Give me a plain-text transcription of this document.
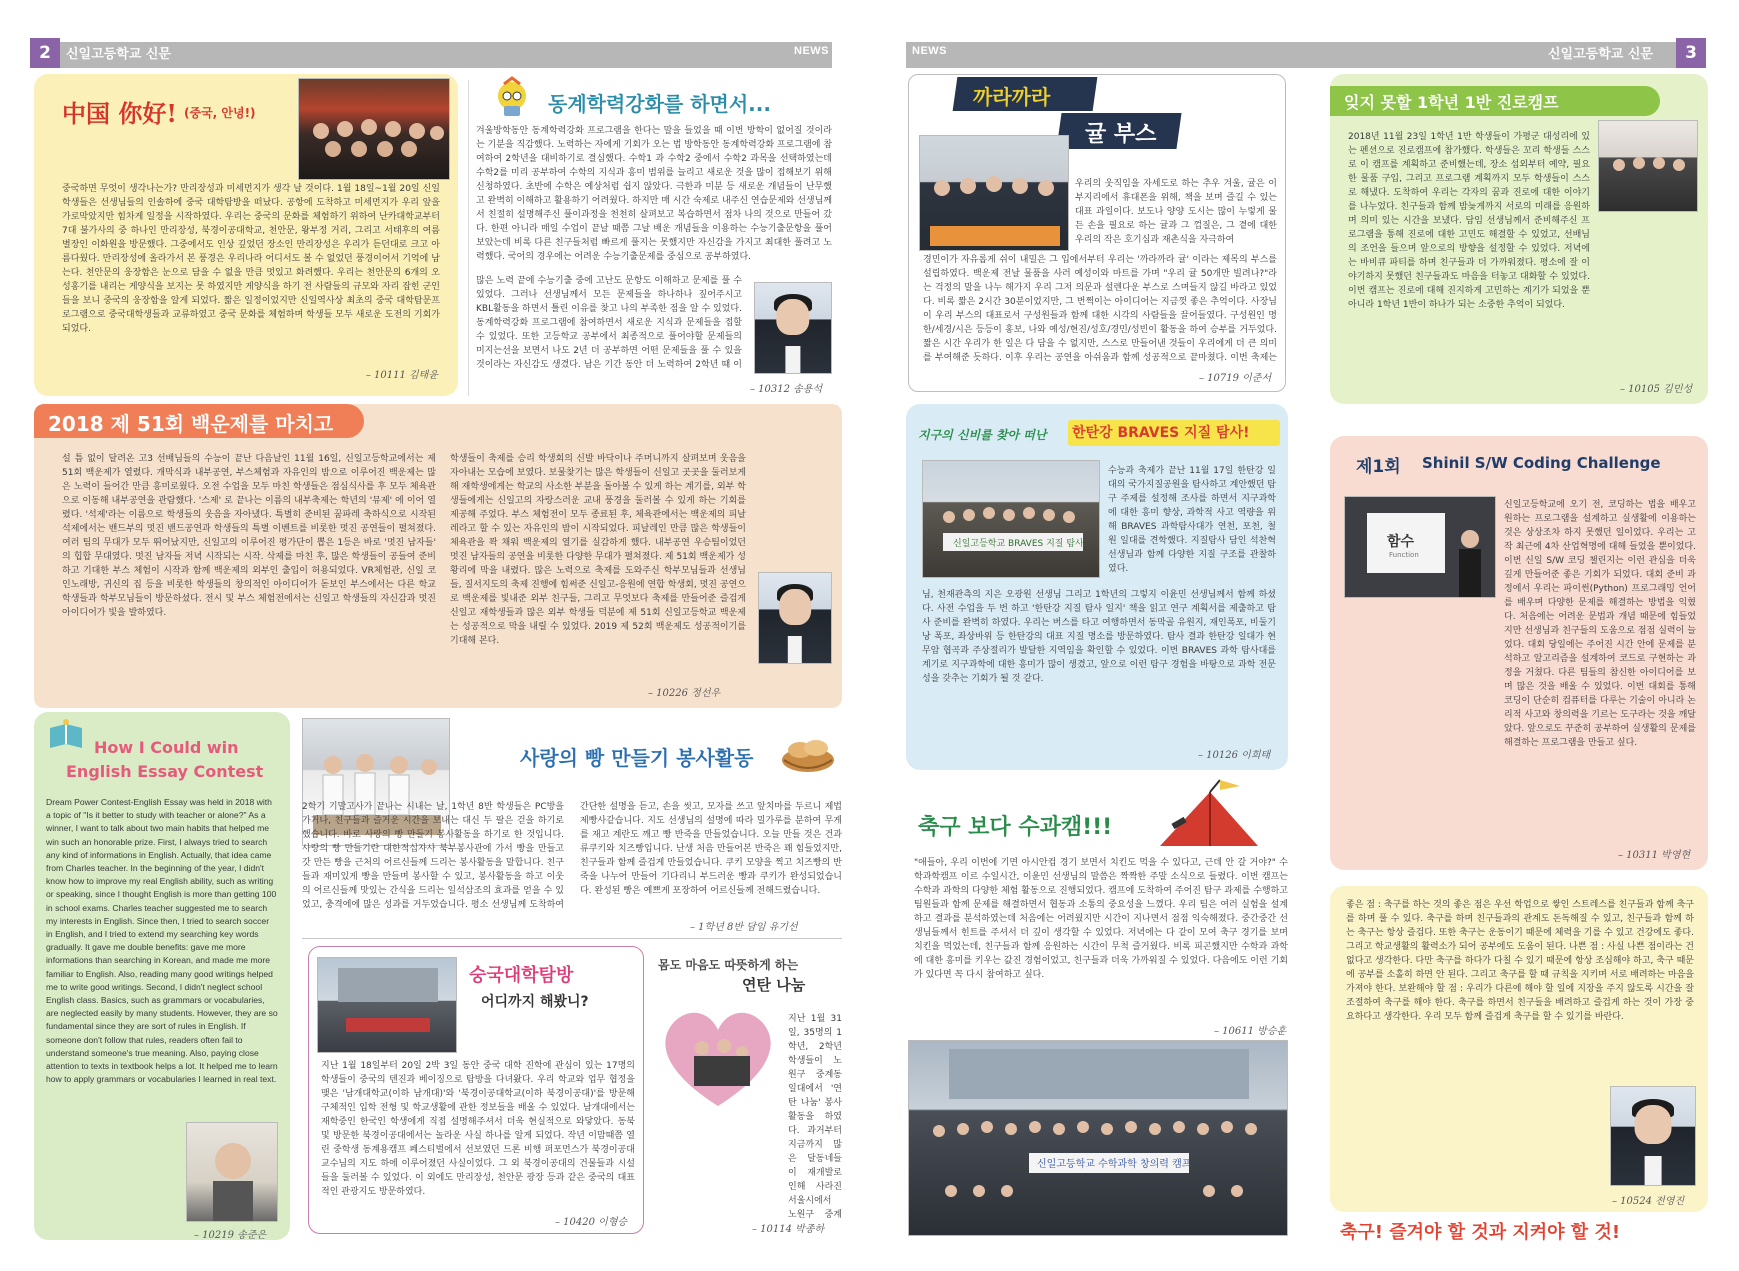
2	신일고등학교 신문	NEWS	3
신일고등학교 신문
NEWS
中国 你好! (중국, 안녕!)
중국하면 무엇이 생각나는가? 만리장성과 미세먼지가 생각 날 것이다. 1월 18일~1월 20일 신일 학생들은 선생님들의 인솔하에 중국 대학탐방을 떠났다. 공항에 도착하고 미세먼지가 우리 앞을 가로막았지만 힘차게 일정을 시작하였다. 우리는 중국의 문화를 체험하기 위하여 난카대학교부터 7대 불가사의 중 하나인 만리장성, 북경이공대학교, 천안문, 왕부정 거리, 그리고 서태후의 여름별장인 이화원을 방문했다. 그중에서도 인상 깊었던 장소인 만리장성은 우리가 듣던대로 크고 아름다웠다. 만리장성에 올라가서 본 풍경은 우리나라 어디서도 볼 수 없었던 풍경이어서 기억에 남는다. 천안문의 웅장함은 눈으로 담을 수 없을 만큼 멋있고 화려했다. 우리는 천안문의 6개의 오성홍기를 내리는 게양식을 보지는 못 하였지만 게양식을 하기 전 사람들의 규모와 자리 잡힌 군인들을 보니 중국의 웅장함을 알게 되었다. 짧은 일정이었지만 신일역사상 최초의 중국 대학탐문프로그램으로 중국대학생들과 교류하였고 중국 문화를 체험하며 학생들 모두 새로운 도전의 기회가 되었다.
– 10111 김태윤
동계학력강화를 하면서...
겨울방학동안 동계학력강화 프로그램을 한다는 말을 들었을 때 이번 방학이 없어질 것이라는 기분을 직감했다. 노력하는 자에게 기회가 오는 법 방학동안 동계학력강화 프로그램에 참여하여 2학년을 대비하기로 결심했다. 수학1 과 수학2 중에서 수학2 과목을 선택하였는데 수학2를 미리 공부하여 수학의 지식과 흥미 범위를 늘리고 새로운 것을 많이 접해보기 위해 신청하였다. 초반에 수학은 예상처럼 쉽지 않았다. 극한과 미분 등 새로운 개념들이 난무했고 완벽히 이해하고 활용하기 어려웠다. 하지만 매 시간 숙제로 내주신 연습문제와 선생님께서 친절히 설명해주신 풀이과정을 천천히 살펴보고 복습하면서 점차 나의 것으로 만들어 갔다. 한편 아니라 매일 수업이 끝날 때쯤 그날 배운 개념들을 이용하는 수능기출문항을 풀어보았는데 비록 다른 친구들처럼 빠르게 풀지는 못했지만 자신감을 가지고 최대한 풀려고 노력했다. 국어의 경우에는 어려운 수능기출문제를 중심으로 공부하였다.
많은 노력 끝에 수능기출 중에 고난도 문항도 이해하고 문제를 풀 수 있었다. 그러나 선생님께서 모든 문제들을 하나하나 짚어주시고 KBL활동을 하면서 틀린 이유를 찾고 나의 부족한 점을 알 수 있었다. 동계학력강화 프로그램에 참여하면서 새로운 지식과 문제들을 접할 수 있었다. 또한 고등학교 공부에서 최종적으로 풀어야할 문제들의 미지는선을 보면서 나도 2년 더 공부하면 어떤 문제들을 풀 수 있을 것이라는 자신감도 생겼다. 남은 기간 동안 더 노력하여 2학년 때 이
– 10312 송용석
2018 제 51회 백운제를 마치고
설 틈 없이 달려온 고3 선배님들의 수능이 끝난 다음날인 11월 16일, 신일고등학교에서는 제 51회 백운제가 열렸다. 개막식과 내부공연, 부스체험과 자유인의 밤으로 이루어진 백운제는 많은 노력이 들어간 만큼 흥미로웠다. 오전 수업을 모두 마친 학생들은 점심식사를 후 모두 체육관으로 이동해 내부공연을 관람했다. '스제' 로 끝나는 이름의 내부축제는 학년의 '뮤제' 에 이어 열렸다. '석제'라는 이름으로 학생들의 웃음을 자아냈다. 특별히 준비된 꿈파레 축하식으로 시작된 석제에서는 밴드부의 멋진 밴드공연과 학생들의 특별 이벤트를 비롯한 멋진 공연들이 펼쳐졌다. 여러 팀의 무대가 모두 뛰어났지만, 신일고의 이루어진 평가단이 뽑은 1등은 바로 '멋진 남자들' 의 힙합 무대였다. 멋진 남자들 저녁 시작되는 시작. 삭제를 마친 후, 많은 학생들이 공들여 준비하고 기대한 부스 체험이 시작과 함께 백운제의 외부인 출입이 허용되었다. VR체험관, 신일 코인노래방, 귀신의 집 등을 비롯한 학생들의 창의적인 아이디어가 돋보인 부스에서는 다른 학교 학생들과 학부모님들이 방문하셨다. 전시 및 부스 체험전에서는 신일고 학생들의 자신감과 멋진 아이디어가 빛을 발하였다.
학생들이 축제를 승리 학생회의 신발 바닥이나 주머니까지 살펴보며 웃음을 자아내는 모습에 보였다. 보물찾기는 많은 학생들이 신일고 곳곳을 둘러보게 해 재학생에게는 학교의 사소한 부분을 돌아볼 수 있게 하는 계기를, 외부 학생들에게는 신일고의 자랑스러운 교내 풍경을 둘러볼 수 있게 하는 기회를 제공해 주었다. 부스 체험전이 모두 종료된 후, 체육관에서는 백운제의 피날레라고 할 수 있는 자유인의 밤이 시작되었다. 피날레인 만큼 많은 학생들이 체육관을 꽉 채워 백운제의 열기를 실감하게 했다. 내부공연 우승팀이었던 멋진 남자들의 공연을 비롯한 다양한 무대가 펼쳐졌다. 제 51회 백운제가 성황리에 막을 내렸다. 많은 노력으로 축제를 도와주신 학부모님들과 선생님들, 질서지도의 축제 진행에 힘써준 신일고-응원에 연합 학생회, 멋진 공연으로 백운제를 빛내준 외부 친구들, 그리고 무엇보다 축제를 만들어준 즐겁게 신일고 재학생들과 많은 외부 학생들 덕분에 제 51회 신일고등학교 백운제는 성공적으로 막을 내릴 수 있었다. 2019 제 52회 백운제도 성공적이기를 기대해 본다.
– 10226 정선우
How I Could win
English Essay Contest
Dream Power Contest-English Essay was held in 2018 with a topic of "Is it better to study with teacher or alone?" As a winner, I want to talk about two main habits that helped me win such an honorable prize. First, I always tried to search any kind of informations in English. Actually, that idea came from Charles teacher. In the beginning of the year, I didn't know how to improve my real English ability, such as writing or speaking, since I thought English is more than getting 100 in school exams. Charles teacher suggested me to search my interests in English. Since then, I tried to search soccer in English, and I tried to extend my searching key words gradually. It gave me double benefits: gave me more informations than searching in Korean, and made me more familiar to English. Also, reading many good writings helped me to write good writings. Second, I didn't neglect school English class. Basics, such as grammars or vocabularies, are neglected easily by many students. However, they are so fundamental since they are sort of rules in English. If someone don't follow that rules, readers often fail to understand someone's true meaning. Also, paying close attention to texts in textbook helps a lot. It helped me to learn how to apply grammars or vocabularies I learned in real text.
– 10219 송준은
사랑의 빵 만들기 봉사활동
2학기 기말고사가 끝나는 시내는 날, 1학년 8반 학생들은 PC방을 가거나, 친구들과 즐거운 시간을 보내는 대신 두 팔은 걷을 하기로 했습니다. 바로 사랑의 빵 만들기 봉사활동을 하기로 한 것입니다. 사랑의 빵 만들기란 대한적십자사 북부봉사관에 가서 빵을 만들고 갓 만든 빵을 근처의 어르신들께 드리는 봉사활동을 말합니다. 친구들과 재미있게 빵을 만들며 봉사할 수 있고, 봉사활동을 하고 이웃의 어르신들께 맛있는 간식을 드리는 일석삼조의 효과를 얻을 수 있었고, 충격에에 많은 성과를 거두었습니다. 평소 선생님께 도착하여 간단한 설명을 듣고, 손을 씻고, 모자를 쓰고 앞치마를 두르니 제법 제빵사같습니다. 지도 선생님의 설명에 따라 밀가루를 분하여 무게를 재고 계란도 깨고 빵 반죽을 만들었습니다. 오늘 만들 것은 건과류쿠키와 치즈빵입니다. 난생 처음 만들어본 반죽은 꽤 힘들었지만, 친구들과 함께 즐겁게 만들었습니다. 쿠키 모양을 찍고 치즈빵의 반죽을 나누어 만들어 기다리니 부드러운 빵과 쿠키가 완성되었습니다. 완성된 빵은 예쁘게 포장하여 어르신들께 전해드렸습니다.
– 1학년 8반 담임 유기선
숭국대학탐방
어디까지 해봤니?
지난 1월 18일부터 20일 2박 3일 동안 중국 대학 진학에 관심이 있는 17명의 학생들이 중국의 텐진과 베이징으로 탐방을 다녀왔다. 우리 학교와 업무 협정을 맺은 '남개대학교(이하 남개대)'와 '북경이공대학교(이하 북경이공대)'를 방문해 구체적인 입학 전형 및 학교생활에 관한 정보들을 배울 수 있었다. 남개대에서는 재학중인 한국인 학생에게 직접 설명해주셔서 더욱 현실적으로 와닿았다. 동북 및 방문한 북경이공대에서는 놀라운 사실 하나를 알게 되었다. 작년 이맘때쯤 열린 중학생 동계용캠프 페스티벌에서 선보였던 드론 비행 퍼포먼스가 북경이공대 교수님의 지도 하에 이루어졌던 사실이었다. 그 외 북경이공대의 건물들과 시설들을 둘러볼 수 있었다. 이 외에도 만리장성, 천안문 광장 등과 같은 중국의 대표적인 관광지도 방문하였다.
– 10420 이형승
몸도 마음도 따뜻하게 하는
연탄 나눔
지난 1월 31일, 35명의 1학년, 2학년 학생들이 노원구 중계동 일대에서 '연탄 나눔' 봉사활동을 하였다. 과거부터 지금까지 많은 달동네들이 재개발로 인해 사라진 서울시에서 노원구 중계
– 10114 박종하
까라까라
귤 부스
우리의 웃직임을 자세도로 하는 추우 겨울, 귤은 이부지리에서 휴대폰을 위해, 책을 보며 즐길 수 있는 대표 과일이다. 보도나 양양 도시는 많이 누렇게 물든 손을 필요로 하는 귤과 그 껍질은, 그 곁에 대한 우리의 작은 호기심과 재촌식을 자극하여
경민이가 자유롭게 쉬이 내밀은 그 입에서부터 우리는 '까라까라 귤' 이라는 제목의 부스를 설립하였다. 백운제 전날 물품을 사러 예성이와 마트를 가며 "우리 귤 50개만 빌려나?"라는 걱정의 말을 나누 해가지 우리 그저 의문과 설렌다운 부스로 스며들지 않길 바라고 있었다. 비록 짧은 2시간 30분이었지만, 그 번쩍이는 아이디어는 지금껏 좋은 추억이다. 사장님이 우리 부스의 대표로서 구성원들과 함께 대한 시각의 사람들을 끌어들였다. 구성원인 명한/세경/시은 등등이 홍보, 나와 예성/현진/성호/경민/성빈이 활동을 하여 승부를 거두었다. 짧은 시간 우리가 한 일은 다 담을 수 없지만, 스스로 만들어낸 것들이 우리에게 더 큰 의미를 부여해준 듯하다. 이후 우리는 공연을 아쉬움과 함께 성공적으로 끝마쳤다. 이번 축제는
– 10719 이준서
지구의 신비를 찾아 떠난 한탄강 BRAVES 지질 탐사!
신일고등학교 BRAVES 지질 탐사
수능과 축제가 끝난 11월 17일 한탄강 일대의 국가지질공원을 탐사하고 계안했던 탐구 주제를 설정해 조사를 하면서 지구과학에 대한 흥미 향상, 과학적 사고 역량을 위해 BRAVES 과학탐사대가 연천, 포천, 철원 일대를 견학했다. 지질탐사 담인 석찬혁 선생님과 함께 다양한 지질 구조를 관찰하였다.
님, 천재관측의 지은 오광원 선생님 그리고 1학년의 그렇지 이윤민 선생님께서 함께 하셨다. 사전 수업을 두 번 하고 '한탄강 지질 탐사 일지' 책을 읽고 연구 계획서를 제출하고 탐사 준비를 완벽히 하였다. 우리는 버스를 타고 여행하면서 동막골 유원지, 재인폭포, 비둘기낭 폭포, 좌상바위 등 한탄강의 대표 지질 명소를 방문하였다. 탐사 결과 한탄강 일대가 현무암 협곡과 주상절리가 발달한 지역임을 확인할 수 있었다. 이번 BRAVES 과학 탐사대를 계기로 지구과학에 대한 흥미가 많이 생겼고, 앞으로 이런 탐구 경험을 바탕으로 과학 전문성을 갖추는 기회가 될 것 같다.
– 10126 이희태
축구 보다 수과캠!!!
"애들아, 우리 이번에 기면 아시안컵 경기 보면서 치킨도 먹을 수 있다고, 근데 안 갈 거야?" 수학과학캠프 이르 수일시간, 이윤민 선생님의 말씀은 짝짝한 주말 소식으로 들렸다. 이번 캠프는 수학과 과학의 다양한 체험 활동으로 진행되었다. 캠프에 도착하여 주어진 탐구 과제를 수행하고 팀원들과 함께 문제를 해결하면서 협동과 소통의 중요성을 느꼈다. 우리 팀은 여러 실험을 설계하고 결과를 분석하였는데 처음에는 어려웠지만 시간이 지나면서 점점 익숙해졌다. 중간중간 선생님들께서 힌트를 주셔서 더 깊이 생각할 수 있었다. 저녁에는 다 같이 모여 축구 경기를 보며 치킨을 먹었는데, 친구들과 함께 응원하는 시간이 무척 즐거웠다. 비록 피곤했지만 수학과 과학에 대한 흥미를 키우는 값진 경험이었고, 친구들과 더욱 가까워질 수 있었다. 다음에도 이런 기회가 있다면 꼭 다시 참여하고 싶다.
– 10611 방승훈
신일고등학교 수학과학 창의력 캠프
잊지 못할 1학년 1반 진로캠프
2018년 11월 23일 1학년 1반 학생들이 가평군 대성리에 있는 펜션으로 진로캠프에 참가했다. 학생들은 꼬리 학생들 스스로 이 캠프를 계획하고 준비했는데, 장소 섭외부터 예약, 필요한 물품 구입, 그리고 프로그램 계획까지 모두 학생들이 스스로 해냈다. 도착하여 우리는 각자의 꿈과 진로에 대한 이야기를 나누었다. 친구들과 함께 밤늦게까지 서로의 미래를 응원하며 의미 있는 시간을 보냈다. 담임 선생님께서 준비해주신 프로그램을 통해 진로에 대한 고민도 해결할 수 있었고, 선배님의 조언을 들으며 앞으로의 방향을 설정할 수 있었다. 저녁에는 바비큐 파티를 하며 친구들과 더 가까워졌다. 평소에 잘 이야기하지 못했던 친구들과도 마음을 터놓고 대화할 수 있었다. 이번 캠프는 진로에 대해 진지하게 고민하는 계기가 되었을 뿐 아니라 1학년 1반이 하나가 되는 소중한 추억이 되었다.
– 10105 김민성
제1회 Shinil S/W Coding Challenge
함수
Function
신일고등학교에 오기 전, 코딩하는 법을 배우고 원하는 프로그램을 설계하고 실생활에 이용하는 것은 상상조차 하지 못했던 일이었다. 우리는 고작 최근에 4차 산업혁명에 대해 들었을 뿐이었다. 이번 신일 S/W 코딩 챌린지는 이런 관심을 더욱 깊게 만들어준 좋은 기회가 되었다. 대회 준비 과정에서 우리는 파이썬(Python) 프로그래밍 언어를 배우며 다양한 문제를 해결하는 방법을 익혔다. 처음에는 어려운 문법과 개념 때문에 힘들었지만 선생님과 친구들의 도움으로 점점 실력이 늘었다. 대회 당일에는 주어진 시간 안에 문제를 분석하고 알고리즘을 설계하여 코드로 구현하는 과정을 거쳤다. 다른 팀들의 참신한 아이디어를 보며 많은 것을 배울 수 있었다. 이번 대회를 통해 코딩이 단순히 컴퓨터를 다루는 기술이 아니라 논리적 사고와 창의력을 기르는 도구라는 것을 깨달았다. 앞으로도 꾸준히 공부하여 실생활의 문제를 해결하는 프로그램을 만들고 싶다.
– 10311 박영현
좋은 점 : 축구를 하는 것의 좋은 점은 우선 학업으로 쌓인 스트레스를 친구들과 함께 축구를 하며 풀 수 있다. 축구를 하며 친구들과의 관계도 돈독해질 수 있고, 친구들과 함께 하는 축구는 항상 즐겁다. 또한 축구는 운동이기 때문에 체력을 기를 수 있고 건강에도 좋다. 그리고 학교생활의 활력소가 되어 공부에도 도움이 된다. 나쁜 점 : 사실 나쁜 점이라는 건 없다고 생각한다. 다만 축구를 하다가 다칠 수 있기 때문에 항상 조심해야 하고, 축구 때문에 공부를 소홀히 하면 안 된다. 그리고 축구를 할 때 규칙을 지키며 서로 배려하는 마음을 가져야 한다. 보완해야 할 점 : 우리가 다른에 해야 할 일에 지장을 주지 않도록 시간을 잘 조절하여 축구를 해야 한다. 축구를 하면서 친구들을 배려하고 즐겁게 하는 것이 가장 중요하다고 생각한다. 우리 모두 함께 즐겁게 축구를 할 수 있기를 바란다.
– 10524 전영진
축구! 즐겨야 할 것과 지켜야 할 것!
